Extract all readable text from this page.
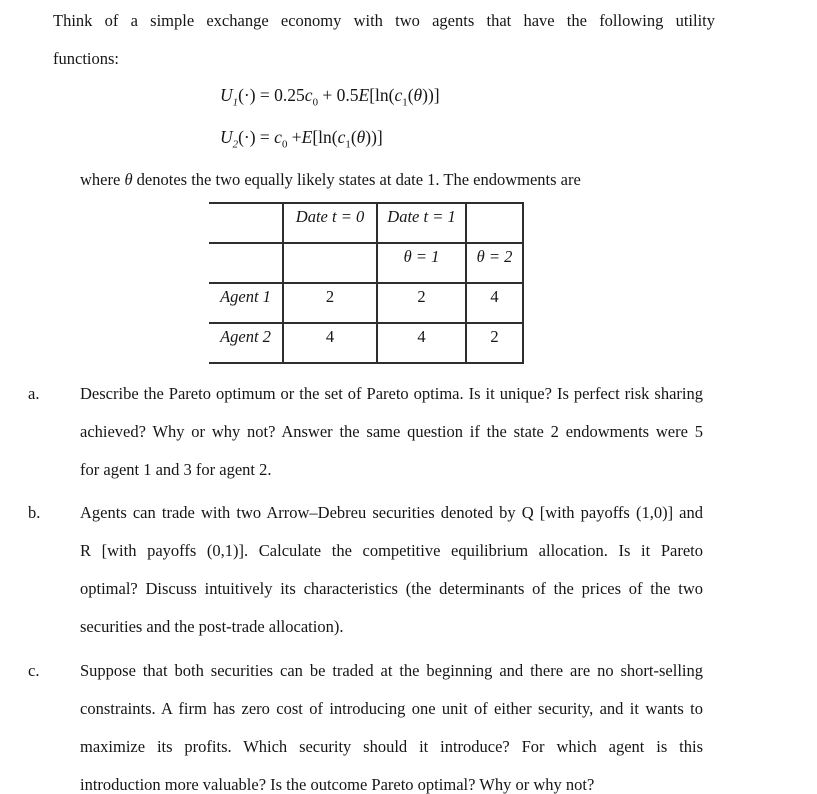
Think of a simple exchange economy with two agents that have the following utility
functions:
$U_1(\cdot) = 0.25c_0 + 0.5E[\ln(c_1(\theta))]$
$U_2(\cdot) = c_0 +E[\ln(c_1(\theta))]$
where θ denotes the two equally likely states at date 1. The endowments are
	Date t = 0	Date t = 1	
		θ = 1	θ = 2
Agent 1	2	2	4
Agent 2	4	4	2
a. Describe the Pareto optimum or the set of Pareto optima. Is it unique? Is perfect risk sharing
achieved? Why or why not? Answer the same question if the state 2 endowments were 5
for agent 1 and 3 for agent 2.
b. Agents can trade with two Arrow–Debreu securities denoted by Q [with payoffs (1,0)] and
R [with payoffs (0,1)]. Calculate the competitive equilibrium allocation. Is it Pareto
optimal? Discuss intuitively its characteristics (the determinants of the prices of the two
securities and the post-trade allocation).
c. Suppose that both securities can be traded at the beginning and there are no short-selling
constraints. A firm has zero cost of introducing one unit of either security, and it wants to
maximize its profits. Which security should it introduce? For which agent is this
introduction more valuable? Is the outcome Pareto optimal? Why or why not?
